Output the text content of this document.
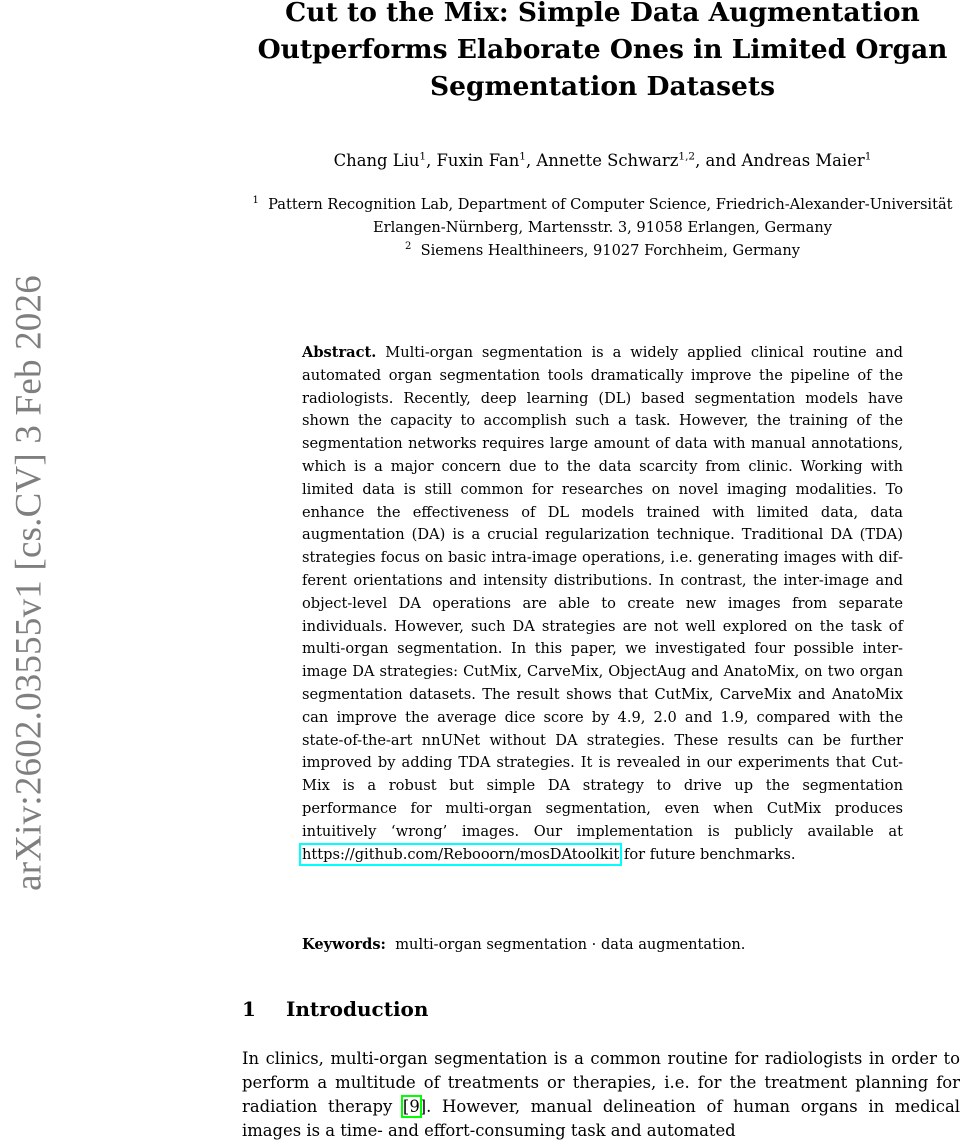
arXiv:2602.03555v1 [cs.CV] 3 Feb 2026
Cut to the Mix: Simple Data Augmentation Outperforms Elaborate Ones in Limited Organ Segmentation Datasets
Chang Liu$^1$, Fuxin Fan$^1$, Annette Schwarz$^{1,2}$, and Andreas Maier$^1$
$^1$ Pattern Recognition Lab, Department of Computer Science, Friedrich-Alexander-Universität Erlangen-Nürnberg, Martensstr. 3, 91058 Erlangen, Germany
$^2$ Siemens Healthineers, 91027 Forchheim, Germany
Abstract. Multi-organ segmentation is a widely applied clinical routine and automated organ segmentation tools dramatically improve the pipeline of the radiologists. Recently, deep learning (DL) based segmentation models have shown the capacity to accomplish such a task. However, the training of the segmentation networks requires large amount of data with manual annotations, which is a major concern due to the data scarcity from clinic. Working with limited data is still common for researches on novel imaging modalities. To enhance the effectiveness of DL models trained with limited data, data augmentation (DA) is a crucial regularization technique. Traditional DA (TDA) strategies focus on basic intra-image operations, i.e. generating images with different orientations and intensity distributions. In contrast, the inter-image and object-level DA operations are able to create new images from separate individuals. However, such DA strategies are not well explored on the task of multi-organ segmentation. In this paper, we investigated four possible inter-image DA strategies: CutMix, CarveMix, ObjectAug and AnatoMix, on two organ segmentation datasets. The result shows that CutMix, CarveMix and AnatoMix can improve the average dice score by 4.9, 2.0 and 1.9, compared with the state-of-the-art nnUNet without DA strategies. These results can be further improved by adding TDA strategies. It is revealed in our experiments that CutMix is a robust but simple DA strategy to drive up the segmentation performance for multi-organ segmentation, even when CutMix produces intuitively ‘wrong’ images. Our implementation is publicly available at https://github.com/Rebooorn/mosDAtoolkit for future benchmarks.
Keywords: multi-organ segmentation · data augmentation.
1 Introduction
In clinics, multi-organ segmentation is a common routine for radiologists in order to perform a multitude of treatments or therapies, i.e. for the treatment planning for radiation therapy [9]. However, manual delineation of human organs in medical images is a time- and effort-consuming task and automated
